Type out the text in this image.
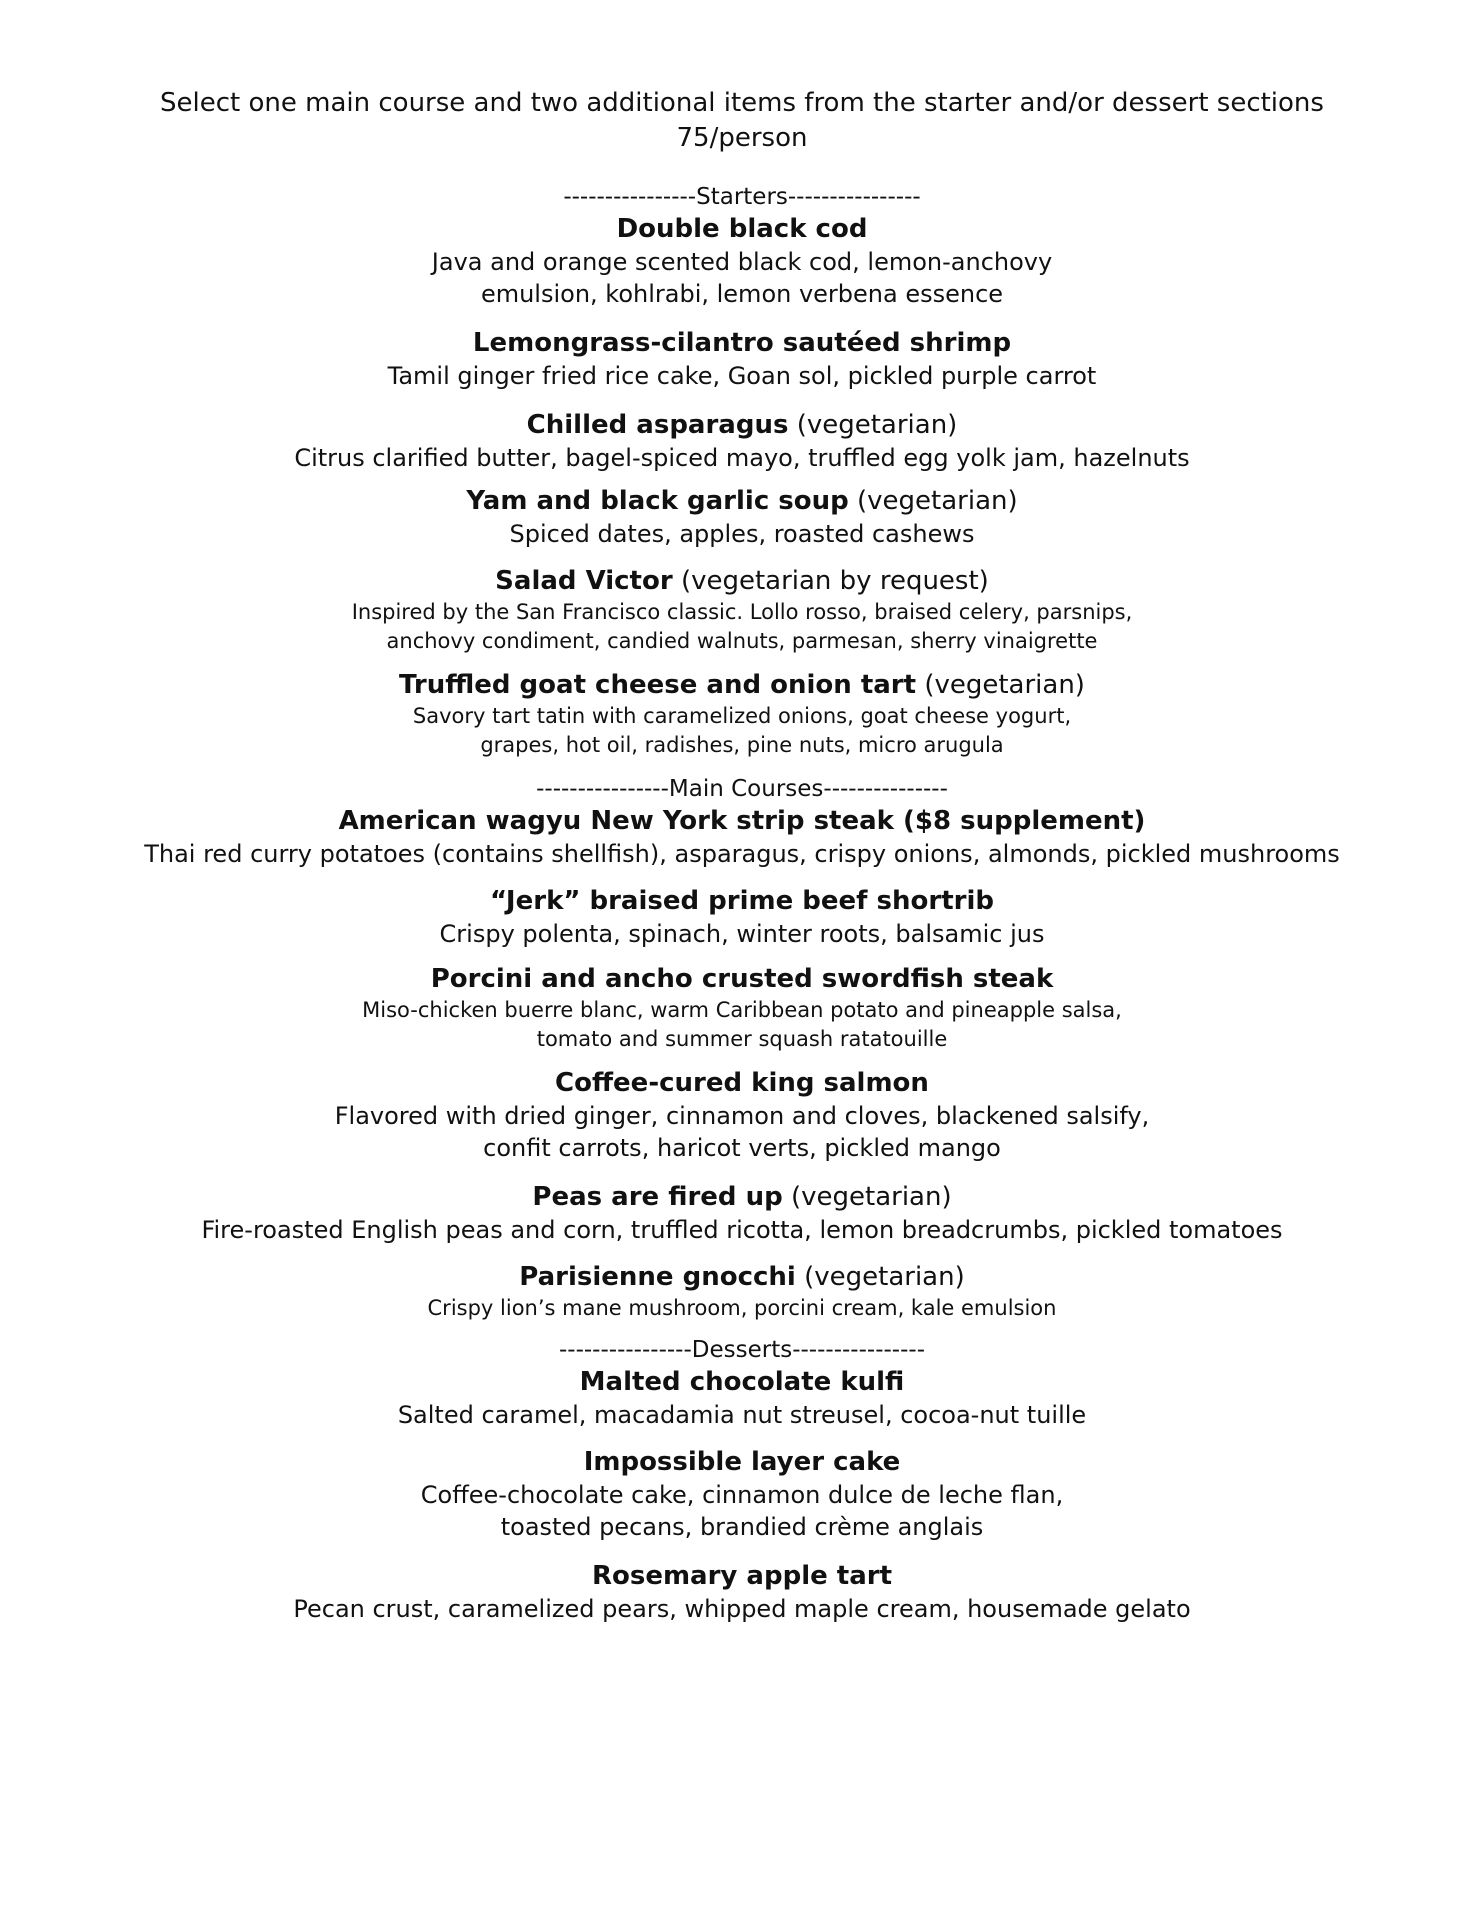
Select one main course and two additional items from the starter and/or dessert sections

75/person

----------------Starters----------------

Double black cod

Java and orange scented black cod, lemon-anchovy

emulsion, kohlrabi, lemon verbena essence

Lemongrass-cilantro sautéed shrimp

Tamil ginger fried rice cake, Goan sol, pickled purple carrot

Chilled asparagus (vegetarian)

Citrus clarified butter, bagel-spiced mayo, truffled egg yolk jam, hazelnuts

Yam and black garlic soup (vegetarian)

Spiced dates, apples, roasted cashews

Salad Victor (vegetarian by request)

Inspired by the San Francisco classic. Lollo rosso, braised celery, parsnips,

anchovy condiment, candied walnuts, parmesan, sherry vinaigrette

Truffled goat cheese and onion tart (vegetarian)

Savory tart tatin with caramelized onions, goat cheese yogurt,

grapes, hot oil, radishes, pine nuts, micro arugula

----------------Main Courses---------------

American wagyu New York strip steak ($8 supplement)

Thai red curry potatoes (contains shellfish), asparagus, crispy onions, almonds, pickled mushrooms

“Jerk” braised prime beef shortrib

Crispy polenta, spinach, winter roots, balsamic jus

Porcini and ancho crusted swordfish steak

Miso-chicken buerre blanc, warm Caribbean potato and pineapple salsa,

tomato and summer squash ratatouille

Coffee-cured king salmon

Flavored with dried ginger, cinnamon and cloves, blackened salsify,

confit carrots, haricot verts, pickled mango

Peas are fired up (vegetarian)

Fire-roasted English peas and corn, truffled ricotta, lemon breadcrumbs, pickled tomatoes

Parisienne gnocchi (vegetarian)

Crispy lion’s mane mushroom, porcini cream, kale emulsion

----------------Desserts----------------

Malted chocolate kulfi

Salted caramel, macadamia nut streusel, cocoa-nut tuille

Impossible layer cake

Coffee-chocolate cake, cinnamon dulce de leche flan,

toasted pecans, brandied crème anglais

Rosemary apple tart

Pecan crust, caramelized pears, whipped maple cream, housemade gelato
